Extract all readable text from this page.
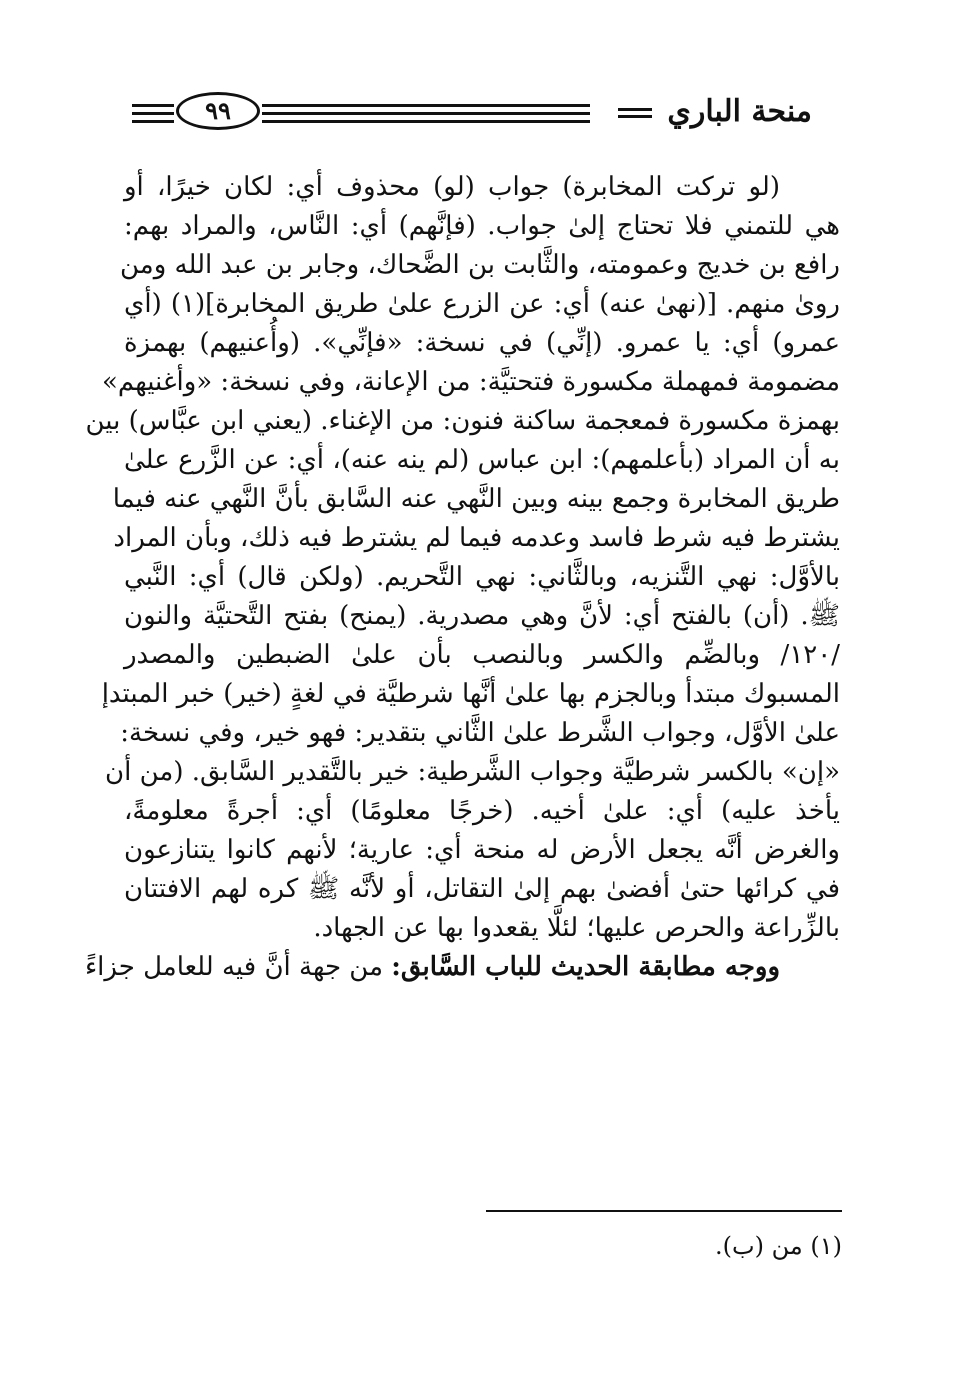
منحة الباري
٩٩
(لو تركت المخابرة) جواب (لو) محذوف أي: لكان خيرًا، أو
هي للتمني فلا تحتاج إلىٰ جواب. (فإنَّهم) أي: النَّاس، والمراد بهم:
رافع بن خديج وعمومته، والثَّابت بن الضَّحاك، وجابر بن عبد الله ومن
روىٰ منهم. [(نهىٰ عنه) أي: عن الزرع علىٰ طريق المخابرة](١) (أي
عمرو) أي: يا عمرو. (إنِّي) في نسخة: «فإنِّي». (وأُعنيهم) بهمزة
مضمومة فمهملة مكسورة فتحتيَّة: من الإعانة، وفي نسخة: «وأغنيهم»
بهمزة مكسورة فمعجمة ساكنة فنون: من الإغناء. (يعني ابن عبَّاس) بين
به أن المراد (بأعلمهم): ابن عباس (لم ينه عنه)، أي: عن الزَّرع علىٰ
طريق المخابرة وجمع بينه وبين النَّهي عنه السَّابق بأنَّ النَّهي عنه فيما
يشترط فيه شرط فاسد وعدمه فيما لم يشترط فيه ذلك، وبأن المراد
بالأوَّل: نهي التَّنزيه، وبالثَّاني: نهي التَّحريم. (ولكن قال) أي: النَّبي
ﷺ. (أن) بالفتح أي: لأنَّ وهي مصدرية. (يمنح) بفتح التَّحتيَّة والنون
/١٢٠/ وبالضِّم والكسر وبالنصب بأن علىٰ الضبطين والمصدر
المسبوك مبتدأ وبالجزم بها علىٰ أنَّها شرطيَّة في لغةٍ (خير) خبر المبتدإ
علىٰ الأوَّل، وجواب الشَّرط علىٰ الثَّاني بتقدير: فهو خير، وفي نسخة:
«إن» بالكسر شرطيَّة وجواب الشَّرطية: خير بالتَّقدير السَّابق. (من أن
يأخذ عليه) أي: علىٰ أخيه. (خرجًا معلومًا) أي: أجرةً معلومةً،
والغرض أنَّه يجعل الأرض له منحة أي: عارية؛ لأنهم كانوا يتنازعون
في كرائها حتىٰ أفضىٰ بهم إلىٰ التقاتل، أو لأنَّه ﷺ كره لهم الافتتان
بالزِّراعة والحرص عليها؛ لئلَّا يقعدوا بها عن الجهاد.
ووجه مطابقة الحديث للباب السَّابق: من جهة أنَّ فيه للعامل جزاءً
(١) من (ب).
